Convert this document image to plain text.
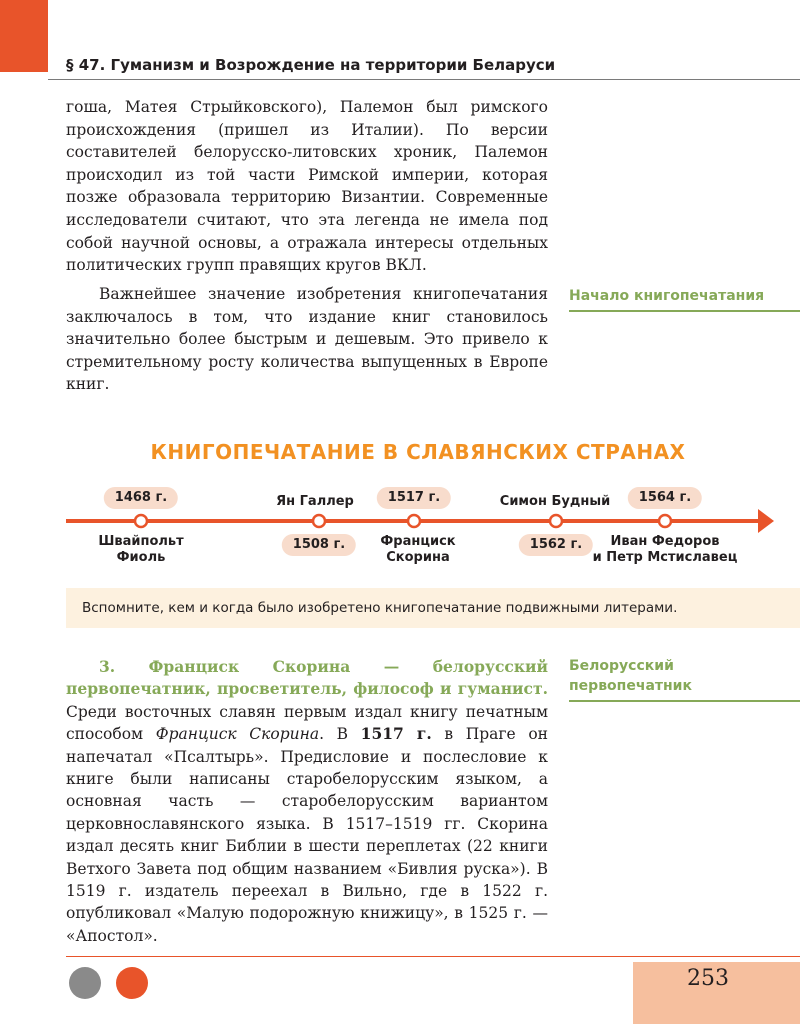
§ 47. Гуманизм и Возрождение на территории Беларуси
гоша, Матея Стрыйковского), Палемон был римского происхождения (пришел из Италии). По версии составителей белорусско-литовских хроник, Палемон происходил из той части Римской империи, которая позже образовала территорию Византии. Современные исследователи считают, что эта легенда не имела под собой научной основы, а отражала интересы отдельных политических групп правящих кругов ВКЛ.
Важнейшее значение изобретения книгопечатания заключалось в том, что издание книг становилось значительно более быстрым и дешевым. Это привело к стремительному росту количества выпущенных в Европе книг.
Начало книгопечатания
КНИГОПЕЧАТАНИЕ В СЛАВЯНСКИХ СТРАНАХ
1468 г.	Ян Галлер	1517 г.	Симон Будный	1564 г.
Швайпольт
Фиоль
1508 г.	Франциск
Скорина
1562 г.	Иван Федоров
и Петр Мстиславец
Вспомните, кем и когда было изобретено книгопечатание подвижными литерами.
3. Франциск Скорина — белорусский первопечатник, просветитель, философ и гуманист. Среди восточных славян первым издал книгу печатным способом Франциск Скорина. В 1517 г. в Праге он напечатал «Псалтырь». Предисловие и послесловие к книге были написаны старобелорусским языком, а основная часть — старобелорусским вариантом церковнославянского языка. В 1517–1519 гг. Скорина издал десять книг Библии в шести переплетах (22 книги Ветхого Завета под общим названием «Бивлия руска»). В 1519 г. издатель переехал в Вильно, где в 1522 г. опубликовал «Малую подорожную книжицу», в 1525 г. — «Апостол».
Белорусский
первопечатник
253
